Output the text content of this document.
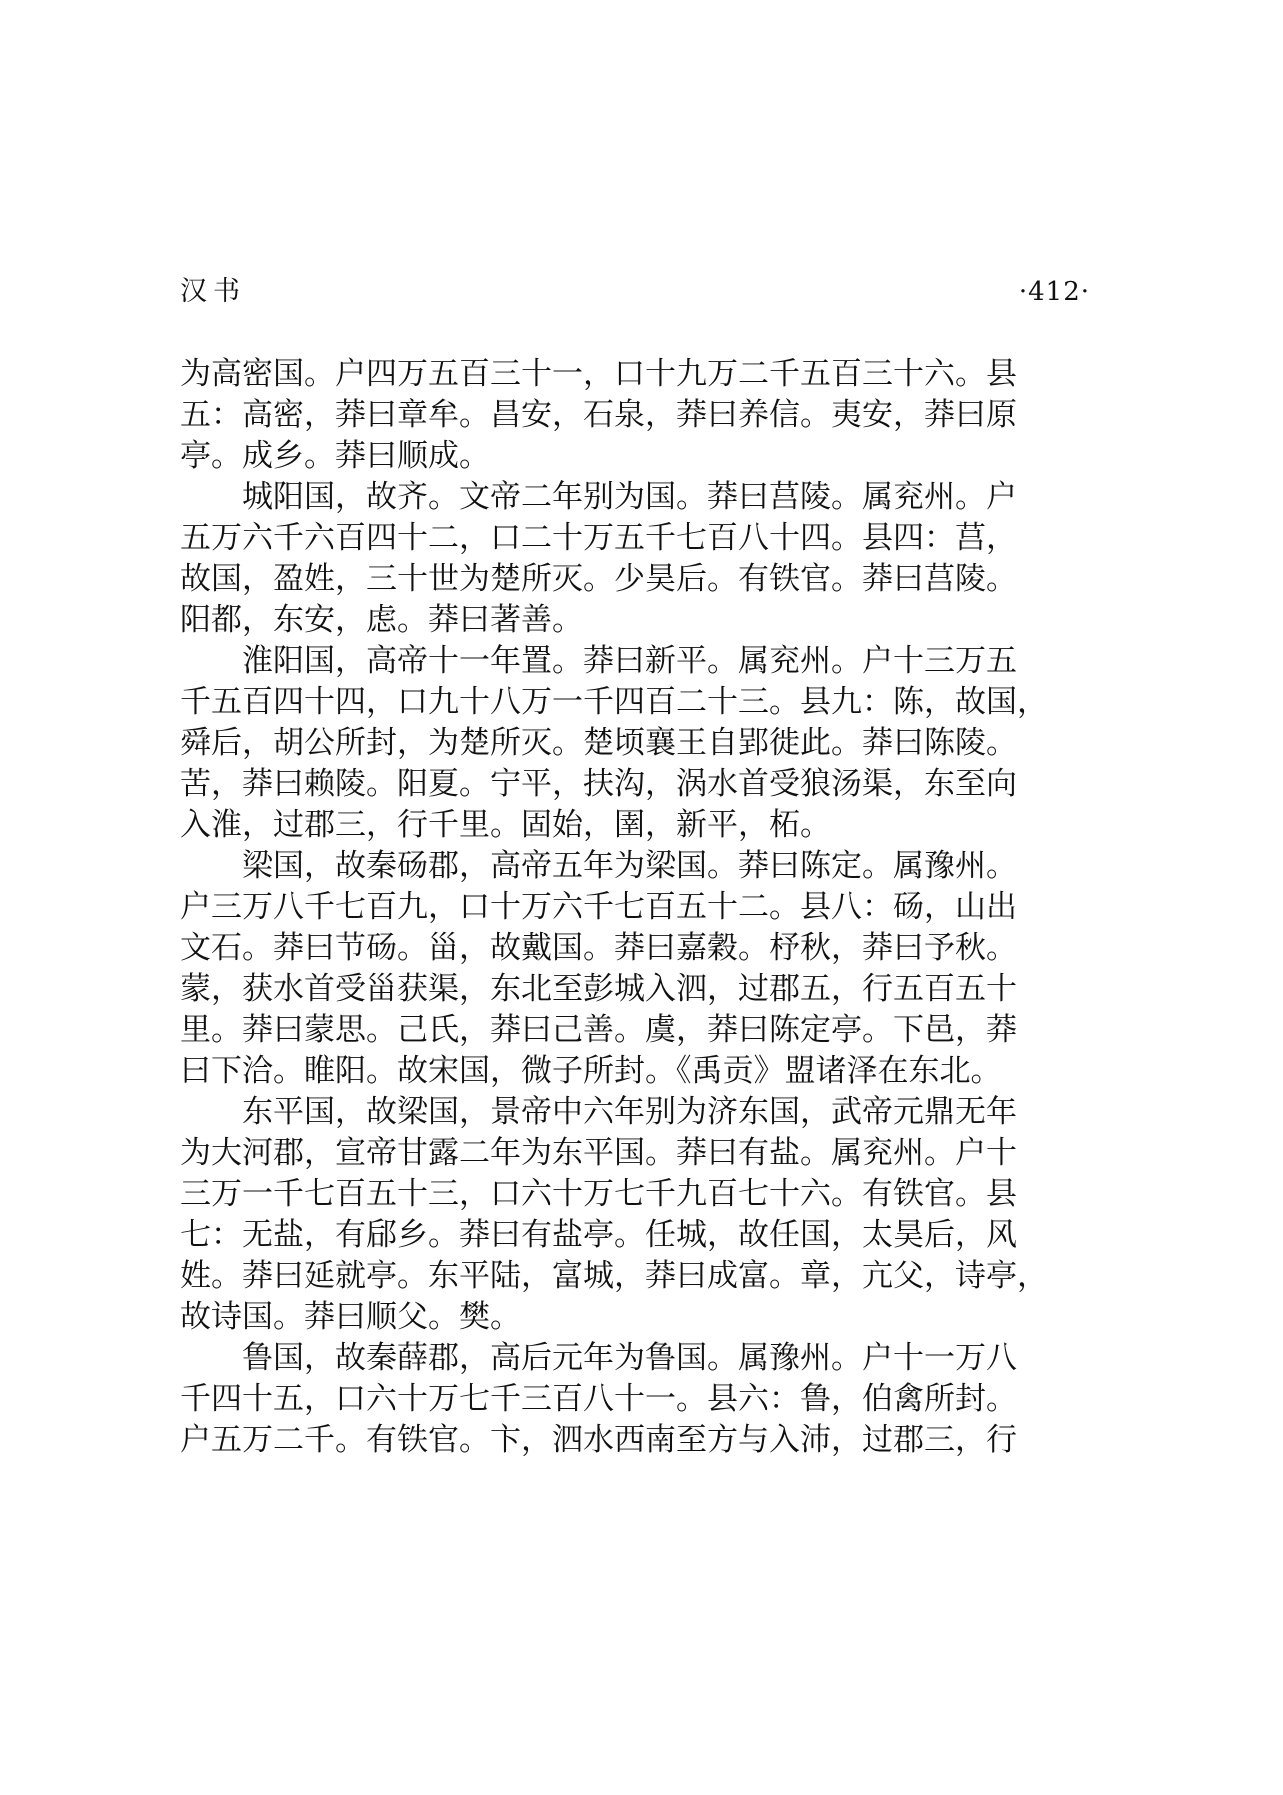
汉书	·412·
为高密国。户四万五百三十一，口十九万二千五百三十六。县
五：高密，莽曰章牟。昌安，石泉，莽曰养信。夷安，莽曰原
亭。成乡。莽曰顺成。
　　城阳国，故齐。文帝二年别为国。莽曰莒陵。属兖州。户
五万六千六百四十二，口二十万五千七百八十四。县四：莒，
故国，盈姓，三十世为楚所灭。少昊后。有铁官。莽曰莒陵。
阳都，东安，虑。莽曰著善。
　　淮阳国，高帝十一年置。莽曰新平。属兖州。户十三万五
千五百四十四，口九十八万一千四百二十三。县九：陈，故国，
舜后，胡公所封，为楚所灭。楚顷襄王自郢徙此。莽曰陈陵。
苦，莽曰赖陵。阳夏。宁平，扶沟，涡水首受狼汤渠，东至向
入淮，过郡三，行千里。固始，圉，新平，柘。
　　梁国，故秦砀郡，高帝五年为梁国。莽曰陈定。属豫州。
户三万八千七百九，口十万六千七百五十二。县八：砀，山出
文石。莽曰节砀。甾，故戴国。莽曰嘉穀。杼秋，莽曰予秋。
蒙，获水首受甾获渠，东北至彭城入泗，过郡五，行五百五十
里。莽曰蒙思。己氏，莽曰己善。虞，莽曰陈定亭。下邑，莽
曰下洽。睢阳。故宋国，微子所封。《禹贡》盟诸泽在东北。
　　东平国，故梁国，景帝中六年别为济东国，武帝元鼎无年
为大河郡，宣帝甘露二年为东平国。莽曰有盐。属兖州。户十
三万一千七百五十三，口六十万七千九百七十六。有铁官。县
七：无盐，有郈乡。莽曰有盐亭。任城，故任国，太昊后，风
姓。莽曰延就亭。东平陆，富城，莽曰成富。章，亢父，诗亭，
故诗国。莽曰顺父。樊。
　　鲁国，故秦薛郡，高后元年为鲁国。属豫州。户十一万八
千四十五，口六十万七千三百八十一。县六：鲁，伯禽所封。
户五万二千。有铁官。卞，泗水西南至方与入沛，过郡三，行
